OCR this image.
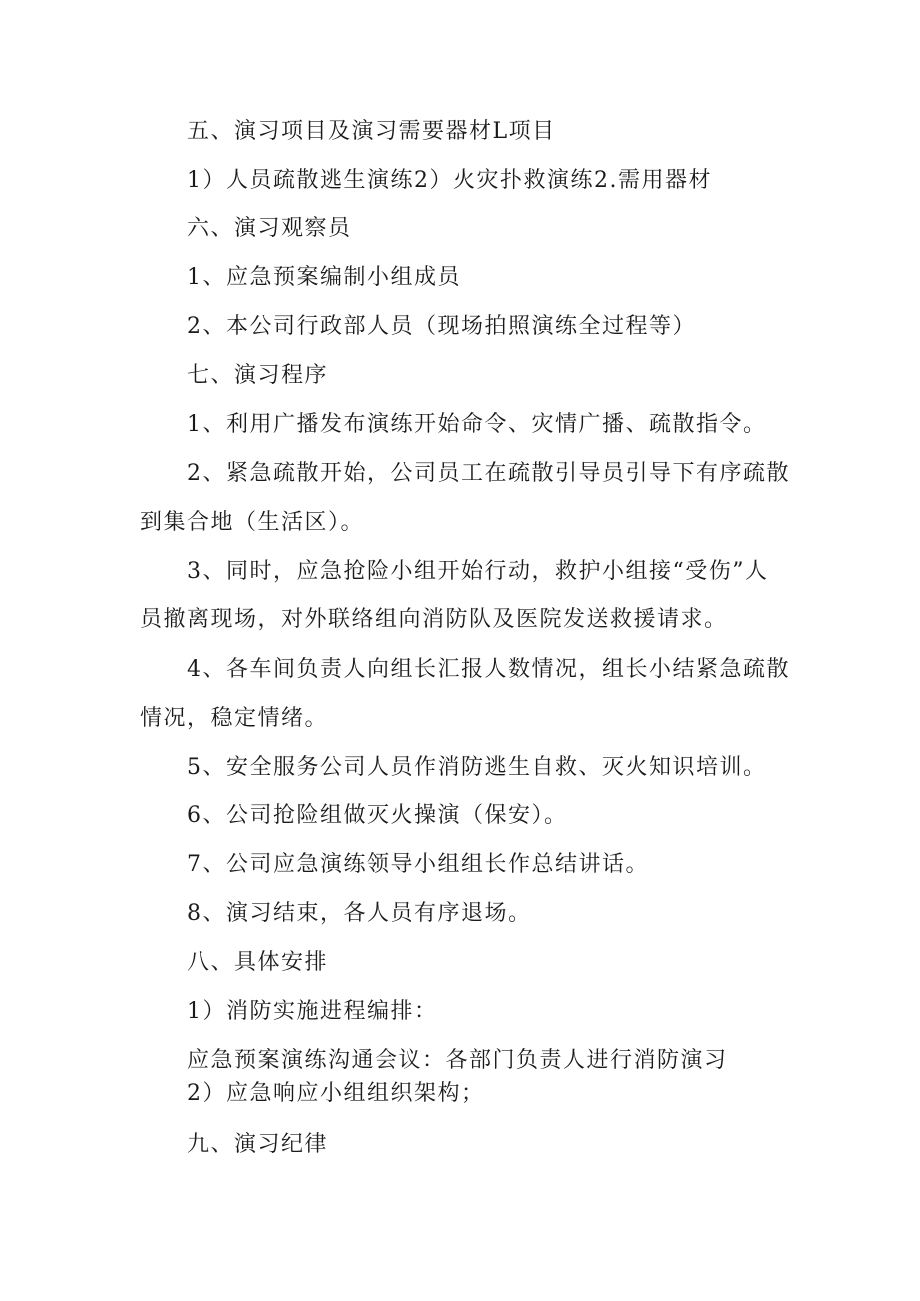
五、演习项目及演习需要器材L项目
1）人员疏散逃生演练2）火灾扑救演练2.需用器材
六、演习观察员
1、应急预案编制小组成员
2、本公司行政部人员（现场拍照演练全过程等）
七、演习程序
1、利用广播发布演练开始命令、灾情广播、疏散指令。
2、紧急疏散开始，公司员工在疏散引导员引导下有序疏散
到集合地（生活区）。
3、同时，应急抢险小组开始行动，救护小组接“受伤”人
员撤离现场，对外联络组向消防队及医院发送救援请求。
4、各车间负责人向组长汇报人数情况，组长小结紧急疏散
情况，稳定情绪。
5、安全服务公司人员作消防逃生自救、灭火知识培训。
6、公司抢险组做灭火操演（保安）。
7、公司应急演练领导小组组长作总结讲话。
8、演习结束，各人员有序退场。
八、具体安排
1）消防实施进程编排：
应急预案演练沟通会议：各部门负责人进行消防演习
2）应急响应小组组织架构；
九、演习纪律
